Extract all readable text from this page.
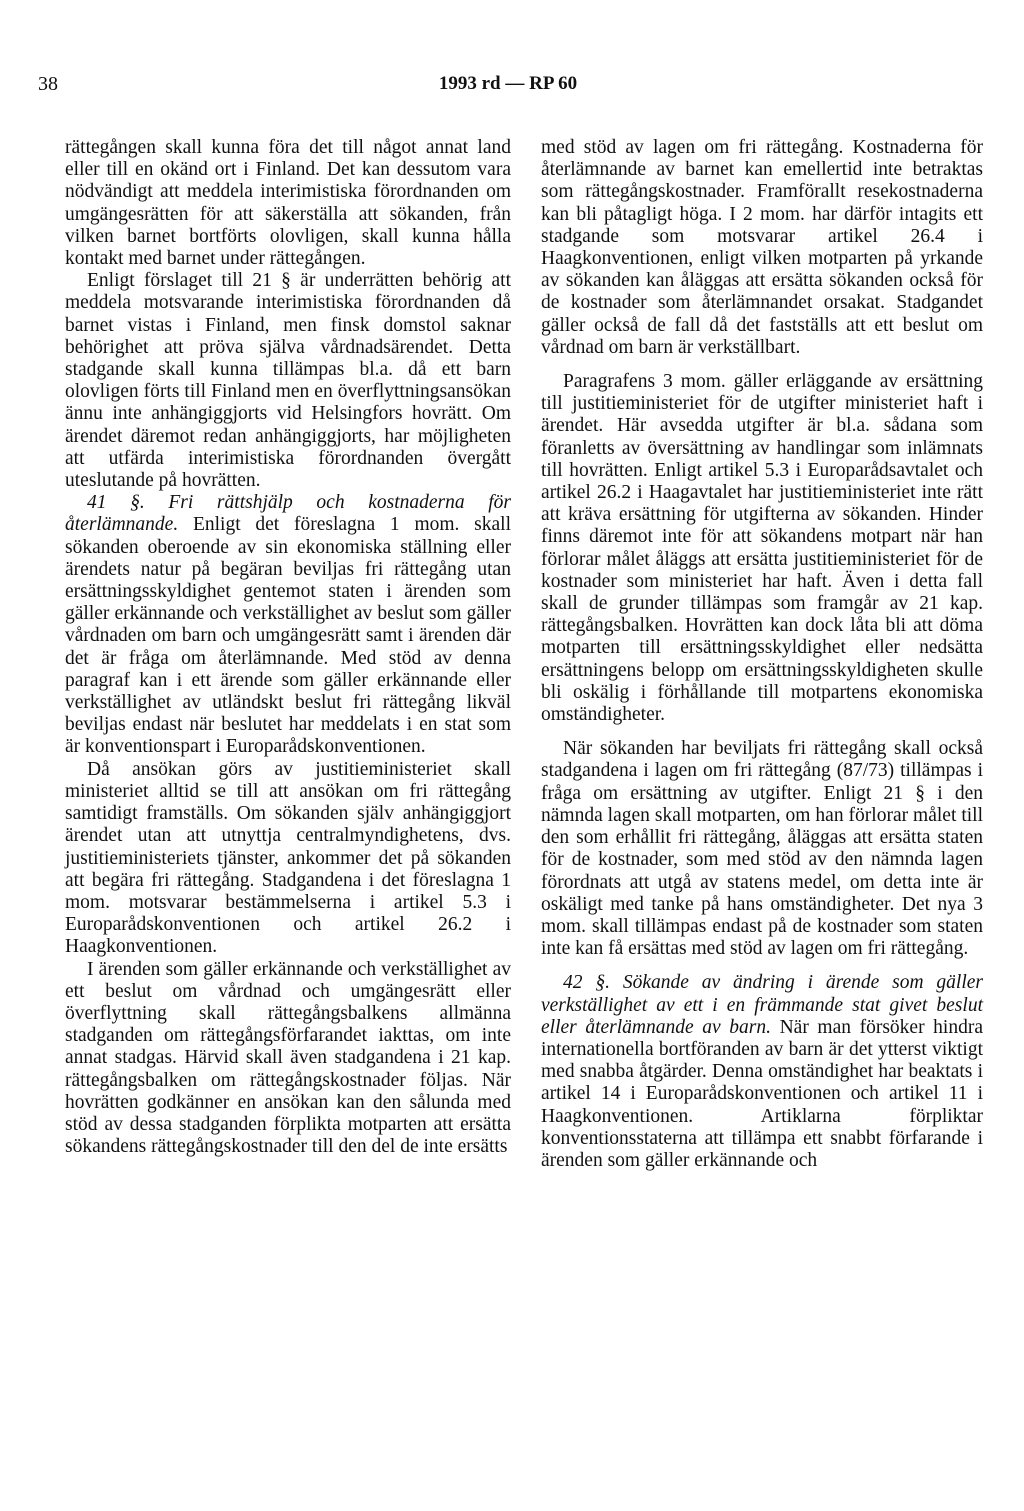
38	1993 rd — RP 60

rättegången skall kunna föra det till något annat land eller till en okänd ort i Finland. Det kan dessutom vara nödvändigt att meddela interimistiska förordnanden om umgängesrätten för att säkerställa att sökanden, från vilken barnet bortförts olovligen, skall kunna hålla kontakt med barnet under rättegången.

Enligt förslaget till 21 § är underrätten behörig att meddela motsvarande interimistiska förordnanden då barnet vistas i Finland, men finsk domstol saknar behörighet att pröva själva vårdnadsärendet. Detta stadgande skall kunna tillämpas bl.a. då ett barn olovligen förts till Finland men en överflyttningsansökan ännu inte anhängiggjorts vid Helsingfors hovrätt. Om ärendet däremot redan anhängiggjorts, har möjligheten att utfärda interimistiska förordnanden övergått uteslutande på hovrätten.

41 §. Fri rättshjälp och kostnaderna för återlämnande. Enligt det föreslagna 1 mom. skall sökanden oberoende av sin ekonomiska ställning eller ärendets natur på begäran beviljas fri rättegång utan ersättningsskyldighet gentemot staten i ärenden som gäller erkännande och verkställighet av beslut som gäller vårdnaden om barn och umgängesrätt samt i ärenden där det är fråga om återlämnande. Med stöd av denna paragraf kan i ett ärende som gäller erkännande eller verkställighet av utländskt beslut fri rättegång likväl beviljas endast när beslutet har meddelats i en stat som är konventionspart i Europarådskonventionen.

Då ansökan görs av justitieministeriet skall ministeriet alltid se till att ansökan om fri rättegång samtidigt framställs. Om sökanden själv anhängiggjort ärendet utan att utnyttja centralmyndighetens, dvs. justitieministeriets tjänster, ankommer det på sökanden att begära fri rättegång. Stadgandena i det föreslagna 1 mom. motsvarar bestämmelserna i artikel 5.3 i Europarådskonventionen och artikel 26.2 i Haagkonventionen.

I ärenden som gäller erkännande och verkställighet av ett beslut om vårdnad och umgängesrätt eller överflyttning skall rättegångsbalkens allmänna stadganden om rättegångsförfarandet iakttas, om inte annat stadgas. Härvid skall även stadgandena i 21 kap. rättegångsbalken om rättegångskostnader följas. När hovrätten godkänner en ansökan kan den sålunda med stöd av dessa stadganden förplikta motparten att ersätta sökandens rättegångskostnader till den del de inte ersätts

med stöd av lagen om fri rättegång. Kostnaderna för återlämnande av barnet kan emellertid inte betraktas som rättegångskostnader. Framförallt resekostnaderna kan bli påtagligt höga. I 2 mom. har därför intagits ett stadgande som motsvarar artikel 26.4 i Haagkonventionen, enligt vilken motparten på yrkande av sökanden kan åläggas att ersätta sökanden också för de kostnader som återlämnandet orsakat. Stadgandet gäller också de fall då det fastställs att ett beslut om vårdnad om barn är verkställbart.

Paragrafens 3 mom. gäller erläggande av ersättning till justitieministeriet för de utgifter ministeriet haft i ärendet. Här avsedda utgifter är bl.a. sådana som föranletts av översättning av handlingar som inlämnats till hovrätten. Enligt artikel 5.3 i Europarådsavtalet och artikel 26.2 i Haagavtalet har justitieministeriet inte rätt att kräva ersättning för utgifterna av sökanden. Hinder finns däremot inte för att sökandens motpart när han förlorar målet åläggs att ersätta justitieministeriet för de kostnader som ministeriet har haft. Även i detta fall skall de grunder tillämpas som framgår av 21 kap. rättegångsbalken. Hovrätten kan dock låta bli att döma motparten till ersättningsskyldighet eller nedsätta ersättningens belopp om ersättningsskyldigheten skulle bli oskälig i förhållande till motpartens ekonomiska omständigheter.

När sökanden har beviljats fri rättegång skall också stadgandena i lagen om fri rättegång (87/73) tillämpas i fråga om ersättning av utgifter. Enligt 21 § i den nämnda lagen skall motparten, om han förlorar målet till den som erhållit fri rättegång, åläggas att ersätta staten för de kostnader, som med stöd av den nämnda lagen förordnats att utgå av statens medel, om detta inte är oskäligt med tanke på hans omständigheter. Det nya 3 mom. skall tillämpas endast på de kostnader som staten inte kan få ersättas med stöd av lagen om fri rättegång.

42 §. Sökande av ändring i ärende som gäller verkställighet av ett i en främmande stat givet beslut eller återlämnande av barn. När man försöker hindra internationella bortföranden av barn är det ytterst viktigt med snabba åtgärder. Denna omständighet har beaktats i artikel 14 i Europarådskonventionen och artikel 11 i Haagkonventionen. Artiklarna förpliktar konventionsstaterna att tillämpa ett snabbt förfarande i ärenden som gäller erkännande och
